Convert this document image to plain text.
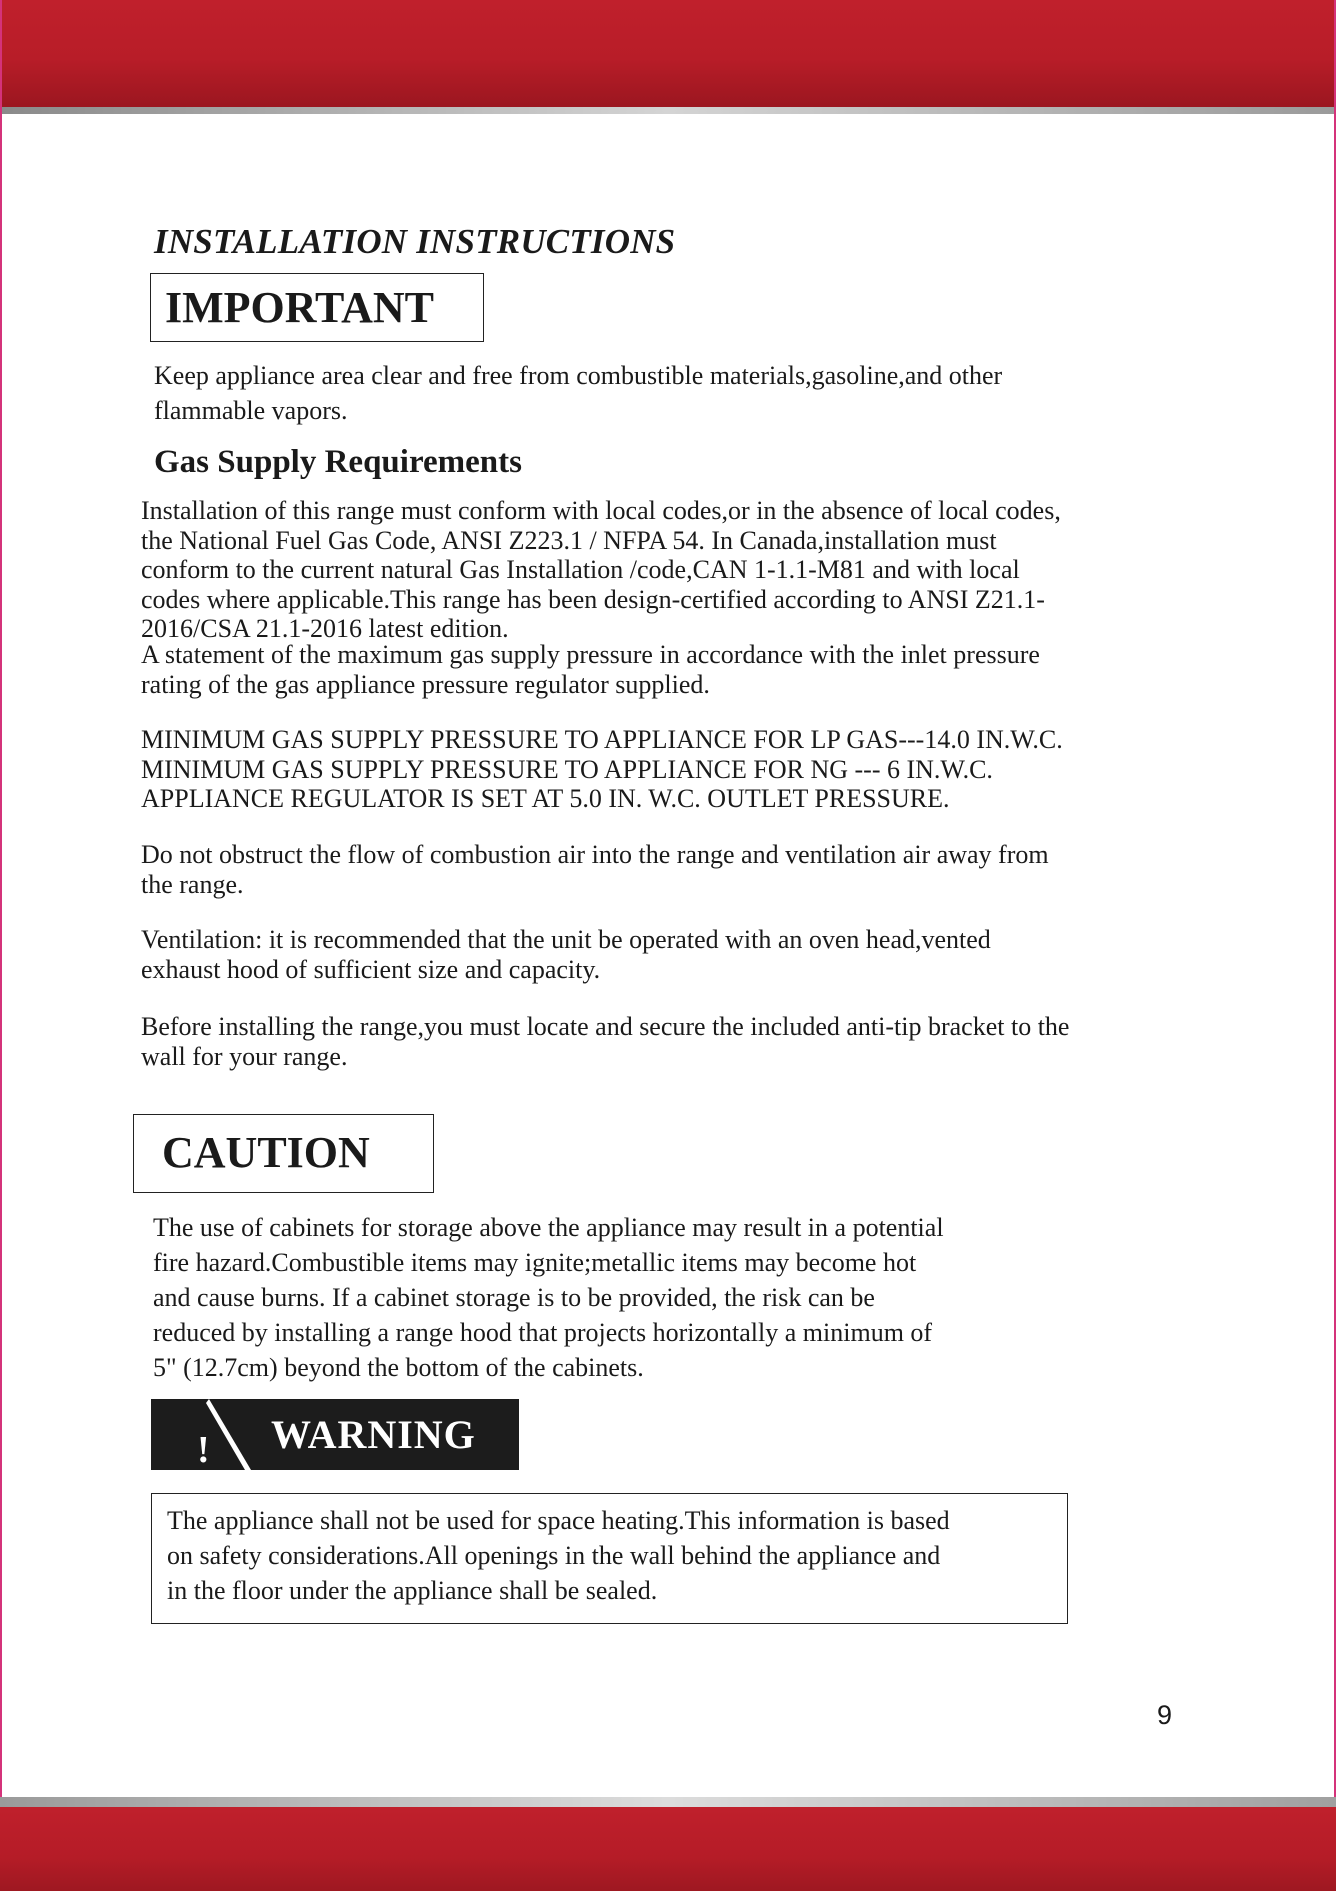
INSTALLATION INSTRUCTIONS
IMPORTANT

Keep appliance area clear and free from combustible materials,gasoline,and other
flammable vapors.

Gas Supply Requirements

Installation of this range must conform with local codes,or in the absence of local codes,
the National Fuel Gas Code, ANSI Z223.1 / NFPA 54. In Canada,installation must
conform to the current natural Gas Installation /code,CAN 1-1.1-M81 and with local
codes where applicable.This range has been design-certified according to ANSI Z21.1-
2016/CSA 21.1-2016 latest edition.

A statement of the maximum gas supply pressure in accordance with the inlet pressure
rating of the gas appliance pressure regulator supplied.

MINIMUM GAS SUPPLY PRESSURE TO APPLIANCE FOR LP GAS---14.0 IN.W.C.
MINIMUM GAS SUPPLY PRESSURE TO APPLIANCE FOR NG --- 6 IN.W.C.
APPLIANCE REGULATOR IS SET AT 5.0 IN. W.C. OUTLET PRESSURE.

Do not obstruct the flow of combustion air into the range and ventilation air away from
the range.

Ventilation: it is recommended that the unit be operated with an oven head,vented
exhaust hood of sufficient size and capacity.

Before installing the range,you must locate and secure the included anti-tip bracket to the
wall for your range.

CAUTION

The use of cabinets for storage above the appliance may result in a potential
fire hazard.Combustible items may ignite;metallic items may become hot
and cause burns. If a cabinet storage is to be provided, the risk can be
reduced by installing a range hood that projects horizontally a minimum of
5" (12.7cm) beyond the bottom of the cabinets.

! WARNING
The appliance shall not be used for space heating.This information is based
on safety considerations.All openings in the wall behind the appliance and
in the floor under the appliance shall be sealed.
9
